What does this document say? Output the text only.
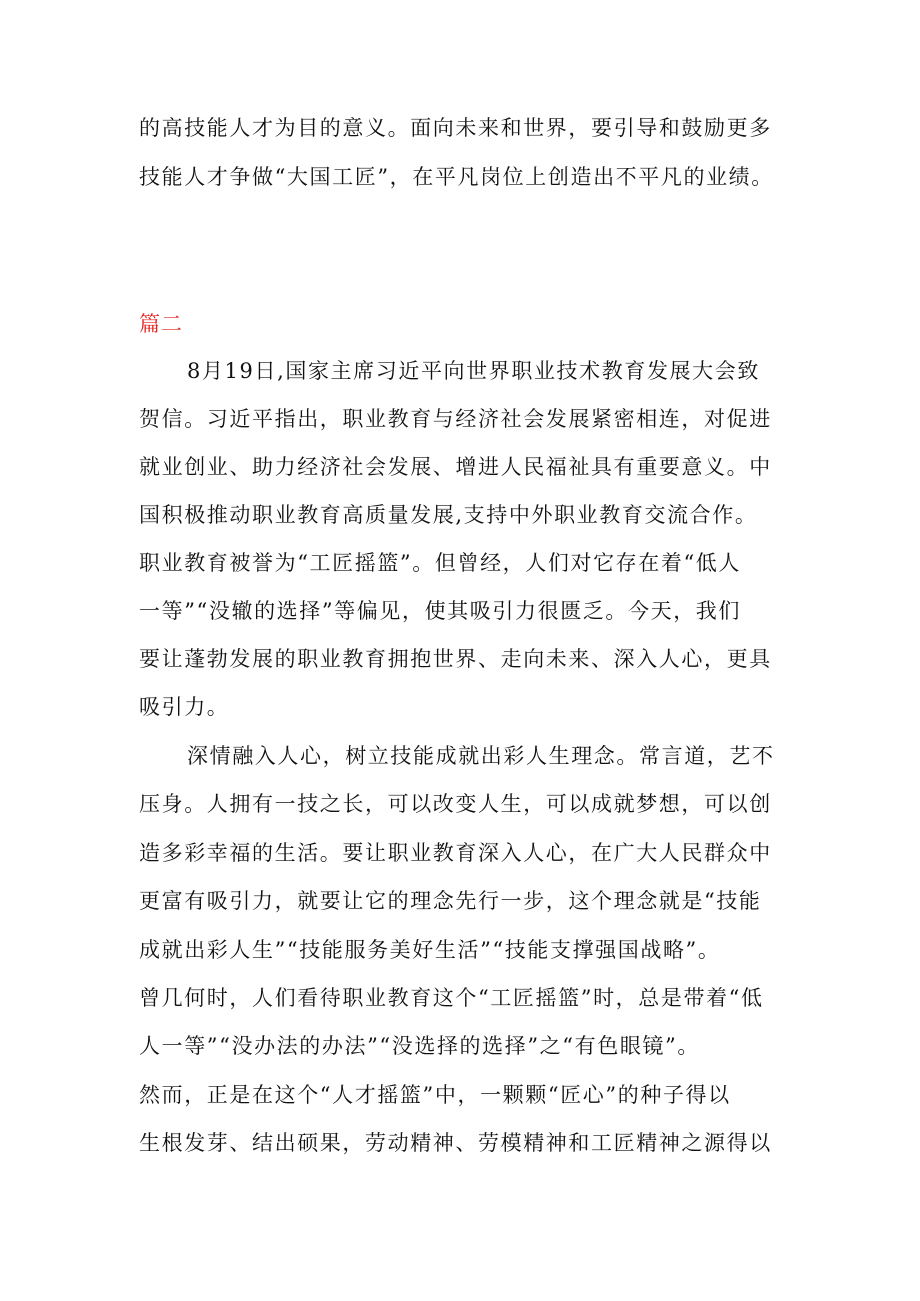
的高技能人才为目的意义。面向未来和世界，要引导和鼓励更多
技能人才争做“大国工匠”，在平凡岗位上创造出不平凡的业绩。
篇二
8月19日,国家主席习近平向世界职业技术教育发展大会致
贺信。习近平指出，职业教育与经济社会发展紧密相连，对促进
就业创业、助力经济社会发展、增进人民福祉具有重要意义。中
国积极推动职业教育高质量发展,支持中外职业教育交流合作。
职业教育被誉为“工匠摇篮”。但曾经，人们对它存在着“低人
一等”“没辙的选择”等偏见，使其吸引力很匮乏。今天，我们
要让蓬勃发展的职业教育拥抱世界、走向未来、深入人心，更具
吸引力。
深情融入人心，树立技能成就出彩人生理念。常言道，艺不
压身。人拥有一技之长，可以改变人生，可以成就梦想，可以创
造多彩幸福的生活。要让职业教育深入人心，在广大人民群众中
更富有吸引力，就要让它的理念先行一步，这个理念就是“技能
成就出彩人生”“技能服务美好生活”“技能支撑强国战略”。
曾几何时，人们看待职业教育这个“工匠摇篮”时，总是带着“低
人一等”“没办法的办法”“没选择的选择”之“有色眼镜”。
然而，正是在这个“人才摇篮”中，一颗颗“匠心”的种子得以
生根发芽、结出硕果，劳动精神、劳模精神和工匠精神之源得以
